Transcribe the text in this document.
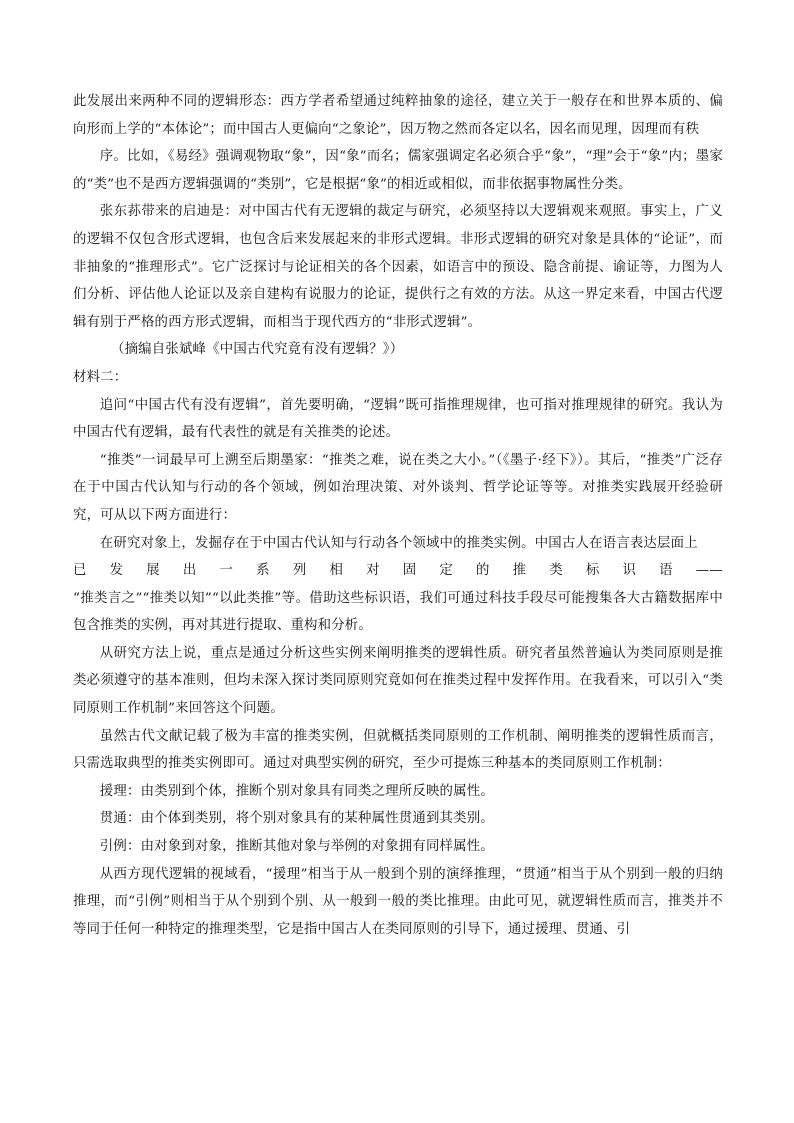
此发展出来两种不同的逻辑形态：西方学者希望通过纯粹抽象的途径，建立关于一般存在和世界本质的、偏向形而上学的“本体论”；而中国古人更偏向“之象论”，因万物之然而各定以名，因名而见理，因理而有秩

序。比如，《易经》强调观物取“象”，因“象”而名；儒家强调定名必须合乎“象”，“理”会于“象”内；墨家的“类”也不是西方逻辑强调的“类别”，它是根据“象”的相近或相似，而非依据事物属性分类。

张东荪带来的启迪是：对中国古代有无逻辑的裁定与研究，必须坚持以大逻辑观来观照。事实上，广义的逻辑不仅包含形式逻辑，也包含后来发展起来的非形式逻辑。非形式逻辑的研究对象是具体的“论证”，而非抽象的“推理形式”。它广泛探讨与论证相关的各个因素，如语言中的预设、隐含前提、谕证等，力图为人们分析、评估他人论证以及亲自建构有说服力的论证，提供行之有效的方法。从这一界定来看，中国古代逻辑有别于严格的西方形式逻辑，而相当于现代西方的“非形式逻辑”。

（摘编自张斌峰《中国古代究竟有没有逻辑？》）

材料二：

追问“中国古代有没有逻辑”，首先要明确，“逻辑”既可指推理规律，也可指对推理规律的研究。我认为中国古代有逻辑，最有代表性的就是有关推类的论述。

“推类”一词最早可上溯至后期墨家：“推类之难，说在类之大小。”（《墨子·经下》）。其后，“推类”广泛存在于中国古代认知与行动的各个领域，例如治理决策、对外谈判、哲学论证等等。对推类实践展开经验研究，可从以下两方面进行：

在研究对象上，发掘存在于中国古代认知与行动各个领域中的推类实例。中国古人在语言表达层面上

已发展出一系列相对固定的推类标识语——

“推类言之”“推类以知”“以此类推”等。借助这些标识语，我们可通过科技手段尽可能搜集各大古籍数据库中包含推类的实例，再对其进行提取、重构和分析。

从研究方法上说，重点是通过分析这些实例来阐明推类的逻辑性质。研究者虽然普遍认为类同原则是推类必须遵守的基本准则，但均未深入探讨类同原则究竟如何在推类过程中发挥作用。在我看来，可以引入“类同原则工作机制”来回答这个问题。

虽然古代文献记载了极为丰富的推类实例，但就概括类同原则的工作机制、阐明推类的逻辑性质而言，只需选取典型的推类实例即可。通过对典型实例的研究，至少可提炼三种基本的类同原则工作机制：

援理：由类别到个体，推断个别对象具有同类之理所反映的属性。

贯通：由个体到类别，将个别对象具有的某种属性贯通到其类别。

引例：由对象到对象，推断其他对象与举例的对象拥有同样属性。

从西方现代逻辑的视域看，“援理”相当于从一般到个别的演绎推理，“贯通”相当于从个别到一般的归纳推理，而“引例”则相当于从个别到个别、从一般到一般的类比推理。由此可见，就逻辑性质而言，推类并不等同于任何一种特定的推理类型，它是指中国古人在类同原则的引导下，通过援理、贯通、引
